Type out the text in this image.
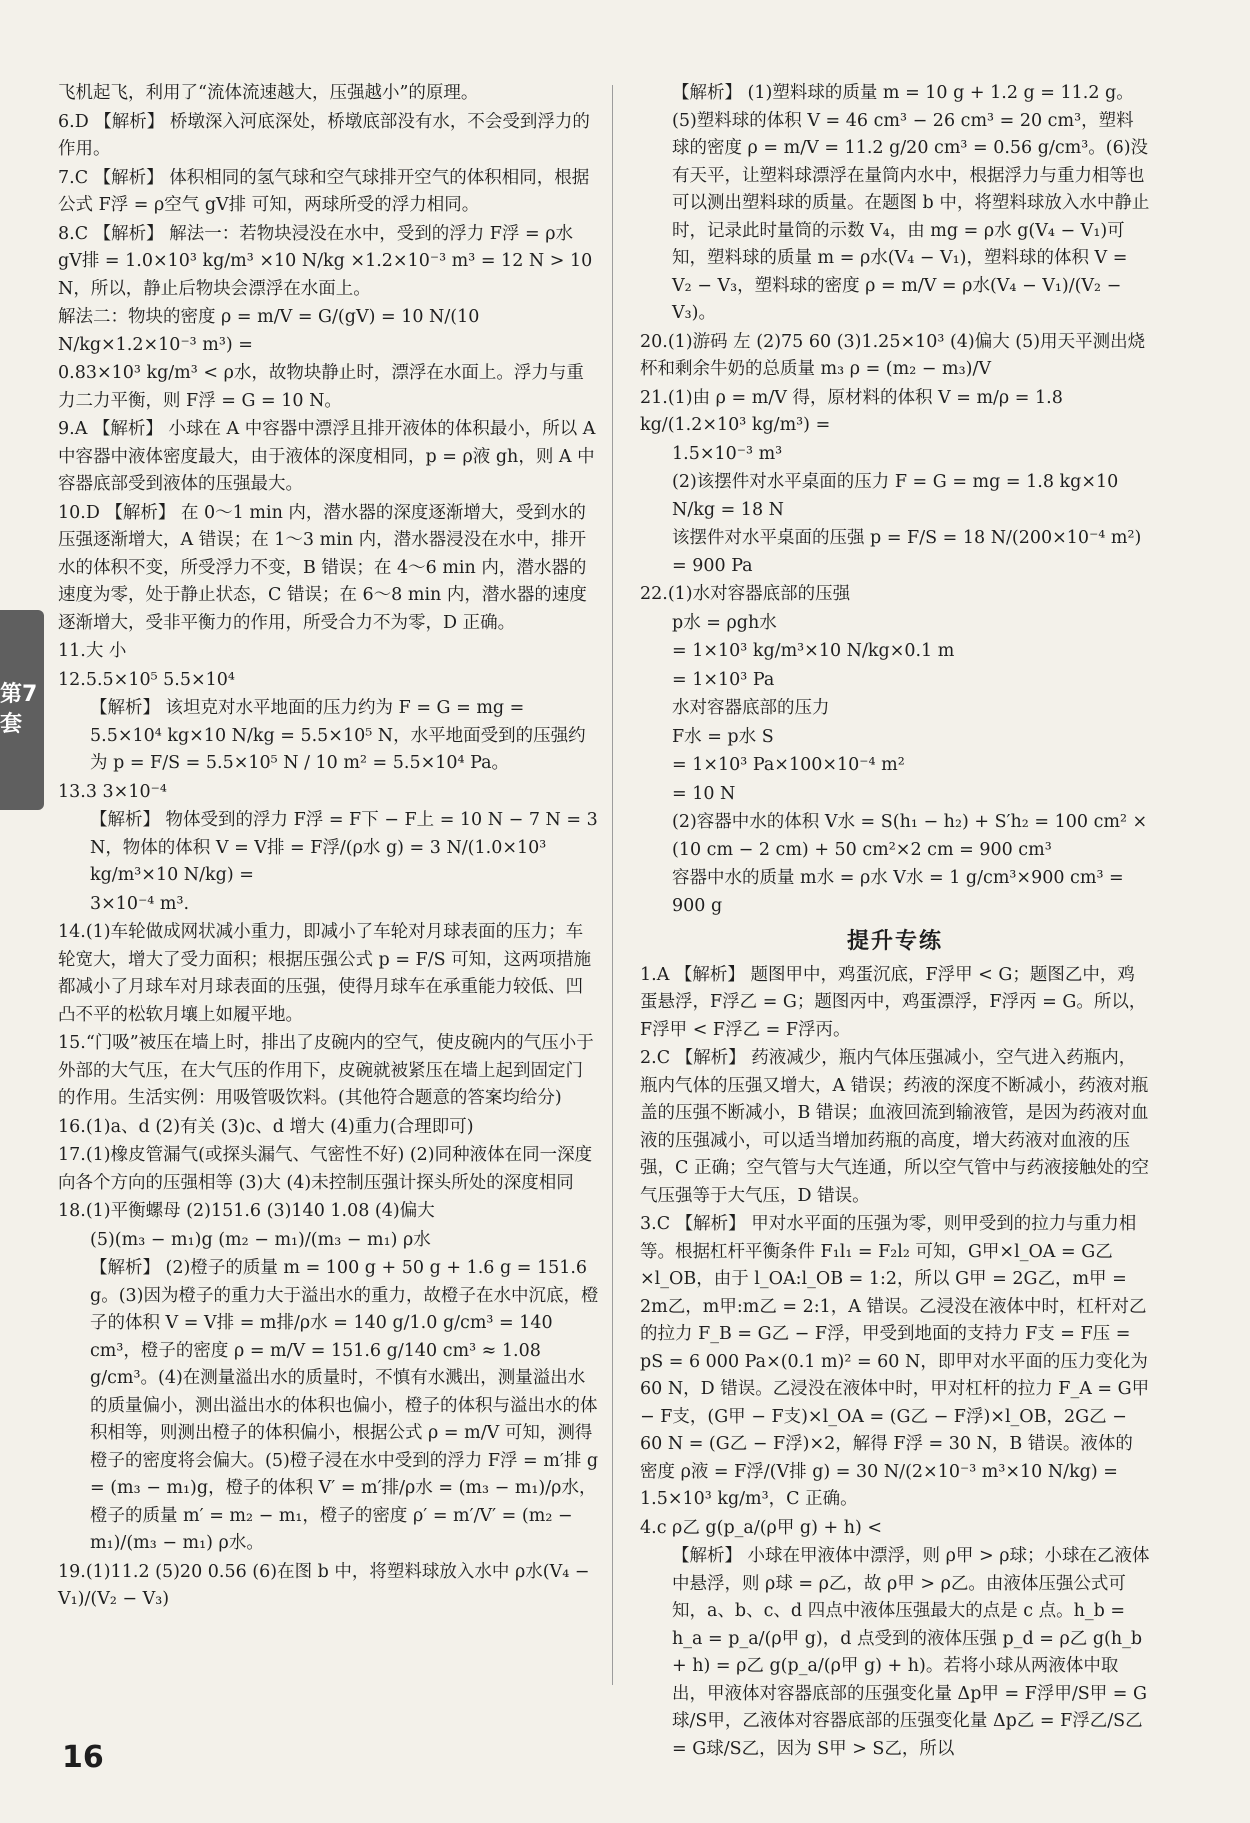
第7套
飞机起飞，利用了“流体流速越大，压强越小”的原理。
6.D 【解析】 桥墩深入河底深处，桥墩底部没有水，不会受到浮力的作用。
7.C 【解析】 体积相同的氢气球和空气球排开空气的体积相同，根据公式 F浮 = ρ空气 gV排 可知，两球所受的浮力相同。
8.C 【解析】 解法一：若物块浸没在水中，受到的浮力 F浮 = ρ水 gV排 = 1.0×10³ kg/m³ ×10 N/kg ×1.2×10⁻³ m³ = 12 N > 10 N，所以，静止后物块会漂浮在水面上。
解法二：物块的密度 ρ = m/V = G/(gV) = 10 N/(10 N/kg×1.2×10⁻³ m³) =
0.83×10³ kg/m³ < ρ水，故物块静止时，漂浮在水面上。浮力与重力二力平衡，则 F浮 = G = 10 N。
9.A 【解析】 小球在 A 中容器中漂浮且排开液体的体积最小，所以 A 中容器中液体密度最大，由于液体的深度相同，p = ρ液 gh，则 A 中容器底部受到液体的压强最大。
10.D 【解析】 在 0～1 min 内，潜水器的深度逐渐增大，受到水的压强逐渐增大，A 错误；在 1～3 min 内，潜水器浸没在水中，排开水的体积不变，所受浮力不变，B 错误；在 4～6 min 内，潜水器的速度为零，处于静止状态，C 错误；在 6～8 min 内，潜水器的速度逐渐增大，受非平衡力的作用，所受合力不为零，D 正确。
11.大 小
12.5.5×10⁵ 5.5×10⁴
【解析】 该坦克对水平地面的压力约为 F = G = mg = 5.5×10⁴ kg×10 N/kg = 5.5×10⁵ N，水平地面受到的压强约为 p = F/S = 5.5×10⁵ N / 10 m² = 5.5×10⁴ Pa。
13.3 3×10⁻⁴
【解析】 物体受到的浮力 F浮 = F下 − F上 = 10 N − 7 N = 3 N，物体的体积 V = V排 = F浮/(ρ水 g) = 3 N/(1.0×10³ kg/m³×10 N/kg) =
3×10⁻⁴ m³.
14.(1)车轮做成网状减小重力，即减小了车轮对月球表面的压力；车轮宽大，增大了受力面积；根据压强公式 p = F/S 可知，这两项措施都减小了月球车对月球表面的压强，使得月球车在承重能力较低、凹凸不平的松软月壤上如履平地。
15.“门吸”被压在墙上时，排出了皮碗内的空气，使皮碗内的气压小于外部的大气压，在大气压的作用下，皮碗就被紧压在墙上起到固定门的作用。生活实例：用吸管吸饮料。(其他符合题意的答案均给分)
16.(1)a、d (2)有关 (3)c、d 增大 (4)重力(合理即可)
17.(1)橡皮管漏气(或探头漏气、气密性不好) (2)同种液体在同一深度向各个方向的压强相等 (3)大 (4)未控制压强计探头所处的深度相同
18.(1)平衡螺母 (2)151.6 (3)140 1.08 (4)偏大
(5)(m₃ − m₁)g (m₂ − m₁)/(m₃ − m₁) ρ水
【解析】 (2)橙子的质量 m = 100 g + 50 g + 1.6 g = 151.6 g。(3)因为橙子的重力大于溢出水的重力，故橙子在水中沉底，橙子的体积 V = V排 = m排/ρ水 = 140 g/1.0 g/cm³ = 140 cm³，橙子的密度 ρ = m/V = 151.6 g/140 cm³ ≈ 1.08 g/cm³。(4)在测量溢出水的质量时，不慎有水溅出，测量溢出水的质量偏小，测出溢出水的体积也偏小，橙子的体积与溢出水的体积相等，则测出橙子的体积偏小，根据公式 ρ = m/V 可知，测得橙子的密度将会偏大。(5)橙子浸在水中受到的浮力 F浮 = m′排 g = (m₃ − m₁)g，橙子的体积 V′ = m′排/ρ水 = (m₃ − m₁)/ρ水，橙子的质量 m′ = m₂ − m₁，橙子的密度 ρ′ = m′/V′ = (m₂ − m₁)/(m₃ − m₁) ρ水。
19.(1)11.2 (5)20 0.56 (6)在图 b 中，将塑料球放入水中 ρ水(V₄ − V₁)/(V₂ − V₃)
【解析】 (1)塑料球的质量 m = 10 g + 1.2 g = 11.2 g。(5)塑料球的体积 V = 46 cm³ − 26 cm³ = 20 cm³，塑料球的密度 ρ = m/V = 11.2 g/20 cm³ = 0.56 g/cm³。(6)没有天平，让塑料球漂浮在量筒内水中，根据浮力与重力相等也可以测出塑料球的质量。在题图 b 中，将塑料球放入水中静止时，记录此时量筒的示数 V₄，由 mg = ρ水 g(V₄ − V₁)可知，塑料球的质量 m = ρ水(V₄ − V₁)，塑料球的体积 V = V₂ − V₃，塑料球的密度 ρ = m/V = ρ水(V₄ − V₁)/(V₂ − V₃)。
20.(1)游码 左 (2)75 60 (3)1.25×10³ (4)偏大 (5)用天平测出烧杯和剩余牛奶的总质量 m₃ ρ = (m₂ − m₃)/V
21.(1)由 ρ = m/V 得，原材料的体积 V = m/ρ = 1.8 kg/(1.2×10³ kg/m³) =
1.5×10⁻³ m³
(2)该摆件对水平桌面的压力 F = G = mg = 1.8 kg×10 N/kg = 18 N
该摆件对水平桌面的压强 p = F/S = 18 N/(200×10⁻⁴ m²) = 900 Pa
22.(1)水对容器底部的压强
p水 = ρgh水
= 1×10³ kg/m³×10 N/kg×0.1 m
= 1×10³ Pa
水对容器底部的压力
F水 = p水 S
= 1×10³ Pa×100×10⁻⁴ m²
= 10 N
(2)容器中水的体积 V水 = S(h₁ − h₂) + S′h₂ = 100 cm² × (10 cm − 2 cm) + 50 cm²×2 cm = 900 cm³
容器中水的质量 m水 = ρ水 V水 = 1 g/cm³×900 cm³ = 900 g
提升专练
1.A 【解析】 题图甲中，鸡蛋沉底，F浮甲 < G；题图乙中，鸡蛋悬浮，F浮乙 = G；题图丙中，鸡蛋漂浮，F浮丙 = G。所以，F浮甲 < F浮乙 = F浮丙。
2.C 【解析】 药液减少，瓶内气体压强减小，空气进入药瓶内，瓶内气体的压强又增大，A 错误；药液的深度不断减小，药液对瓶盖的压强不断减小，B 错误；血液回流到输液管，是因为药液对血液的压强减小，可以适当增加药瓶的高度，增大药液对血液的压强，C 正确；空气管与大气连通，所以空气管中与药液接触处的空气压强等于大气压，D 错误。
3.C 【解析】 甲对水平面的压强为零，则甲受到的拉力与重力相等。根据杠杆平衡条件 F₁l₁ = F₂l₂ 可知，G甲×l_OA = G乙×l_OB，由于 l_OA:l_OB = 1:2，所以 G甲 = 2G乙，m甲 = 2m乙，m甲:m乙 = 2:1，A 错误。乙浸没在液体中时，杠杆对乙的拉力 F_B = G乙 − F浮，甲受到地面的支持力 F支 = F压 = pS = 6 000 Pa×(0.1 m)² = 60 N，即甲对水平面的压力变化为 60 N，D 错误。乙浸没在液体中时，甲对杠杆的拉力 F_A = G甲 − F支，(G甲 − F支)×l_OA = (G乙 − F浮)×l_OB，2G乙 − 60 N = (G乙 − F浮)×2，解得 F浮 = 30 N，B 错误。液体的密度 ρ液 = F浮/(V排 g) = 30 N/(2×10⁻³ m³×10 N/kg) = 1.5×10³ kg/m³，C 正确。
4.c ρ乙 g(p_a/(ρ甲 g) + h) <
【解析】 小球在甲液体中漂浮，则 ρ甲 > ρ球；小球在乙液体中悬浮，则 ρ球 = ρ乙，故 ρ甲 > ρ乙。由液体压强公式可知，a、b、c、d 四点中液体压强最大的点是 c 点。h_b = h_a = p_a/(ρ甲 g)，d 点受到的液体压强 p_d = ρ乙 g(h_b + h) = ρ乙 g(p_a/(ρ甲 g) + h)。若将小球从两液体中取出，甲液体对容器底部的压强变化量 Δp甲 = F浮甲/S甲 = G球/S甲，乙液体对容器底部的压强变化量 Δp乙 = F浮乙/S乙 = G球/S乙，因为 S甲 > S乙，所以
16
